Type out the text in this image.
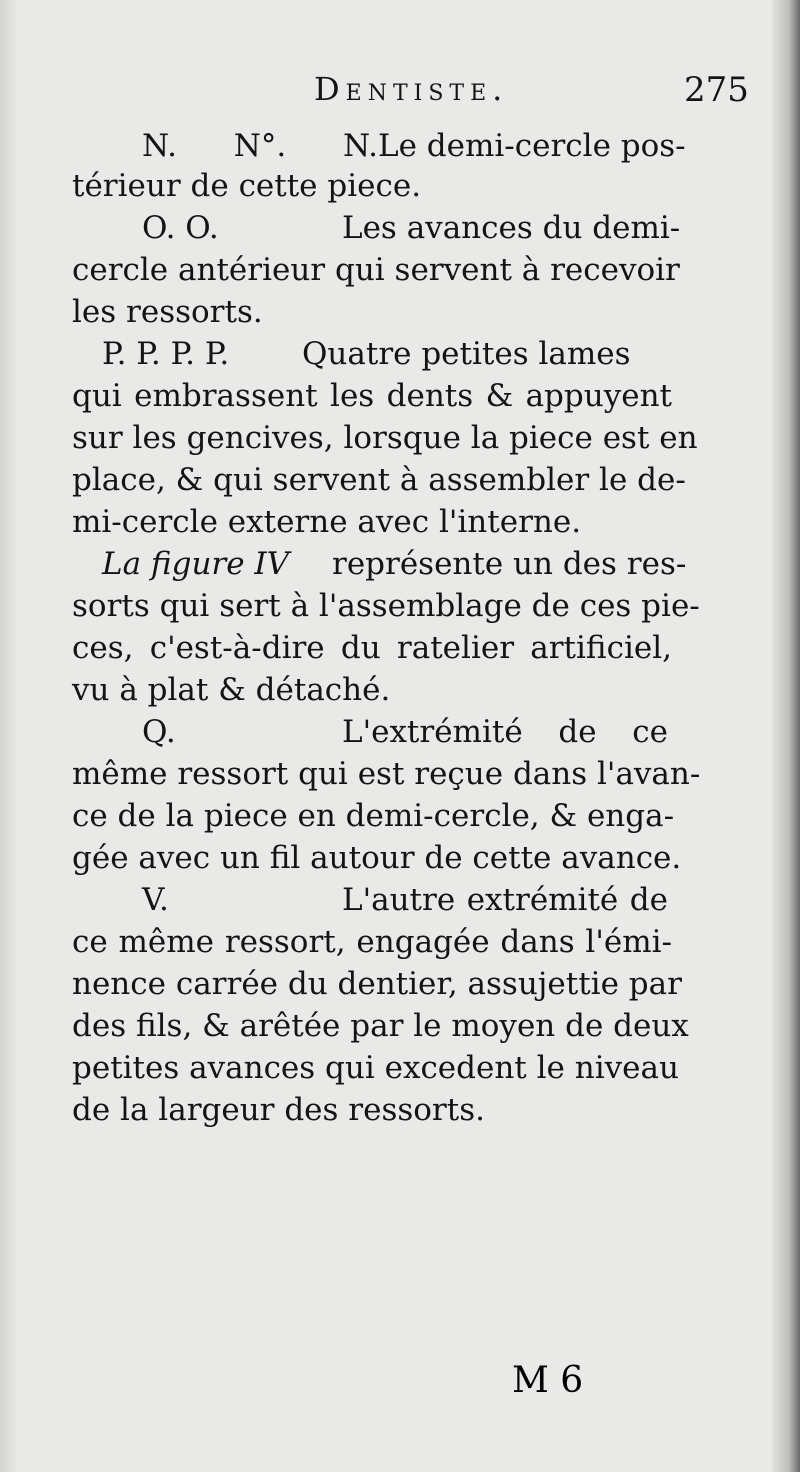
Dentiste.	275
N. N°. N.Le demi-cercle pos-
térieur de cette piece.
O. O.	Les avances du demi-
cercle antérieur qui servent à recevoir
les ressorts.
P. P. P. P. Quatre petites lames
qui embrassent les dents & appuyent
sur les gencives, lorsque la piece est en
place, & qui servent à assembler le de-
mi-cercle externe avec l'interne.
La figure IV représente un des res-
sorts qui sert à l'assemblage de ces pie-
ces, c'est-à-dire du ratelier artificiel,
vu à plat & détaché.
Q.	L'extrémité de ce
même ressort qui est reçue dans l'avan-
ce de la piece en demi-cercle, & enga-
gée avec un fil autour de cette avance.
V.	L'autre extrémité de
ce même ressort, engagée dans l'émi-
nence carrée du dentier, assujettie par
des fils, & arêtée par le moyen de deux
petites avances qui excedent le niveau
de la largeur des ressorts.
M 6
